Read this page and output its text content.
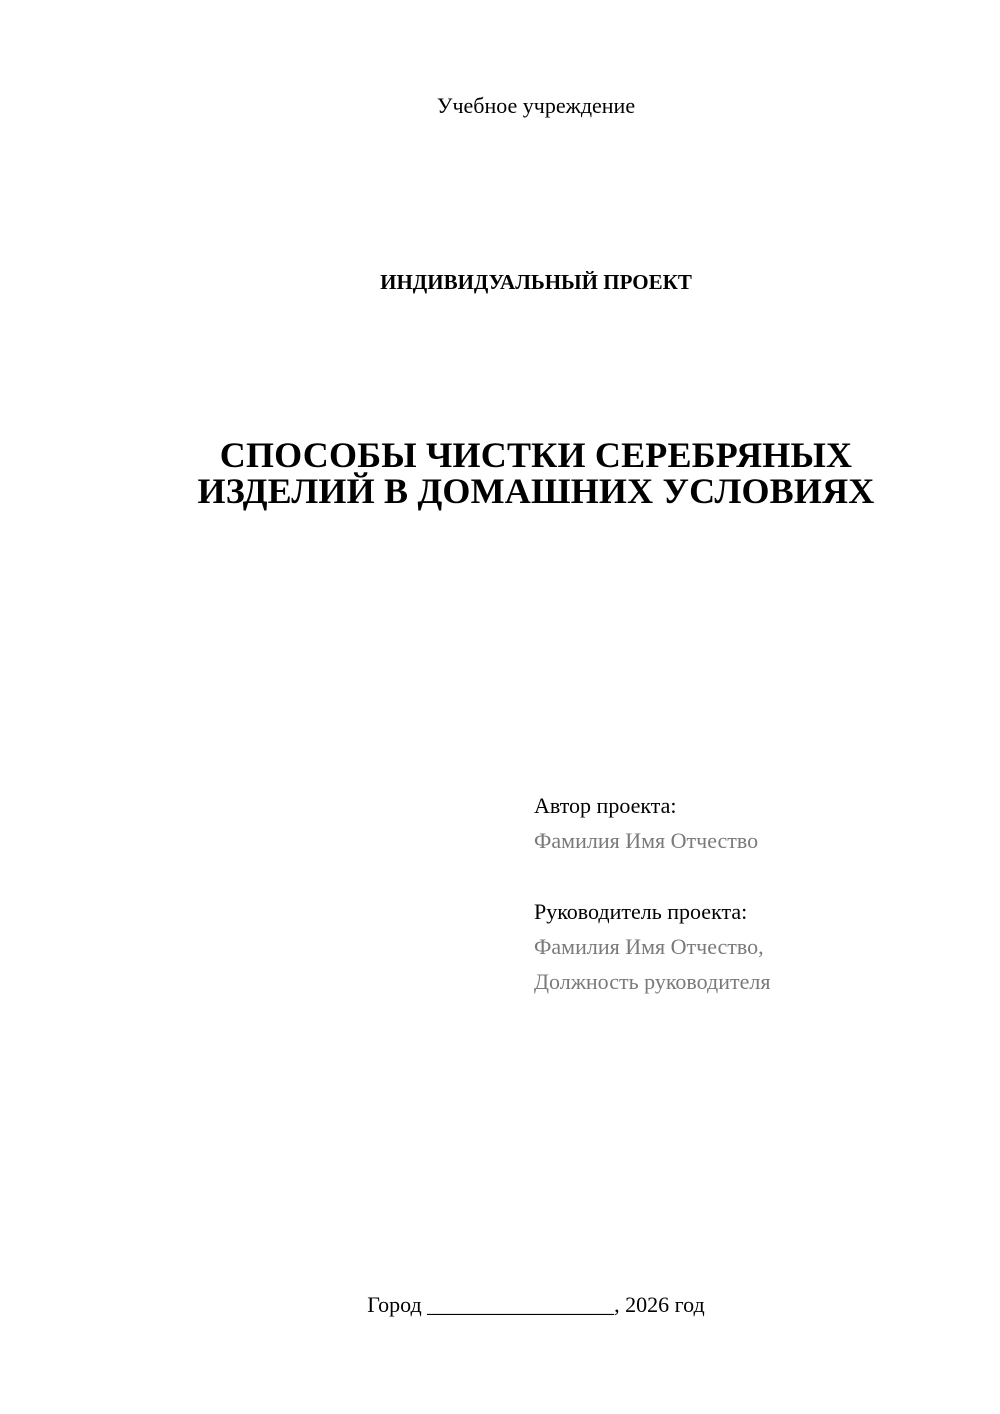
Учебное учреждение
ИНДИВИДУАЛЬНЫЙ ПРОЕКТ
СПОСОБЫ ЧИСТКИ СЕРЕБРЯНЫХ
ИЗДЕЛИЙ В ДОМАШНИХ УСЛОВИЯХ
Автор проекта:
Фамилия Имя Отчество
Руководитель проекта:
Фамилия Имя Отчество,
Должность руководителя
Город _________________, 2026 год
